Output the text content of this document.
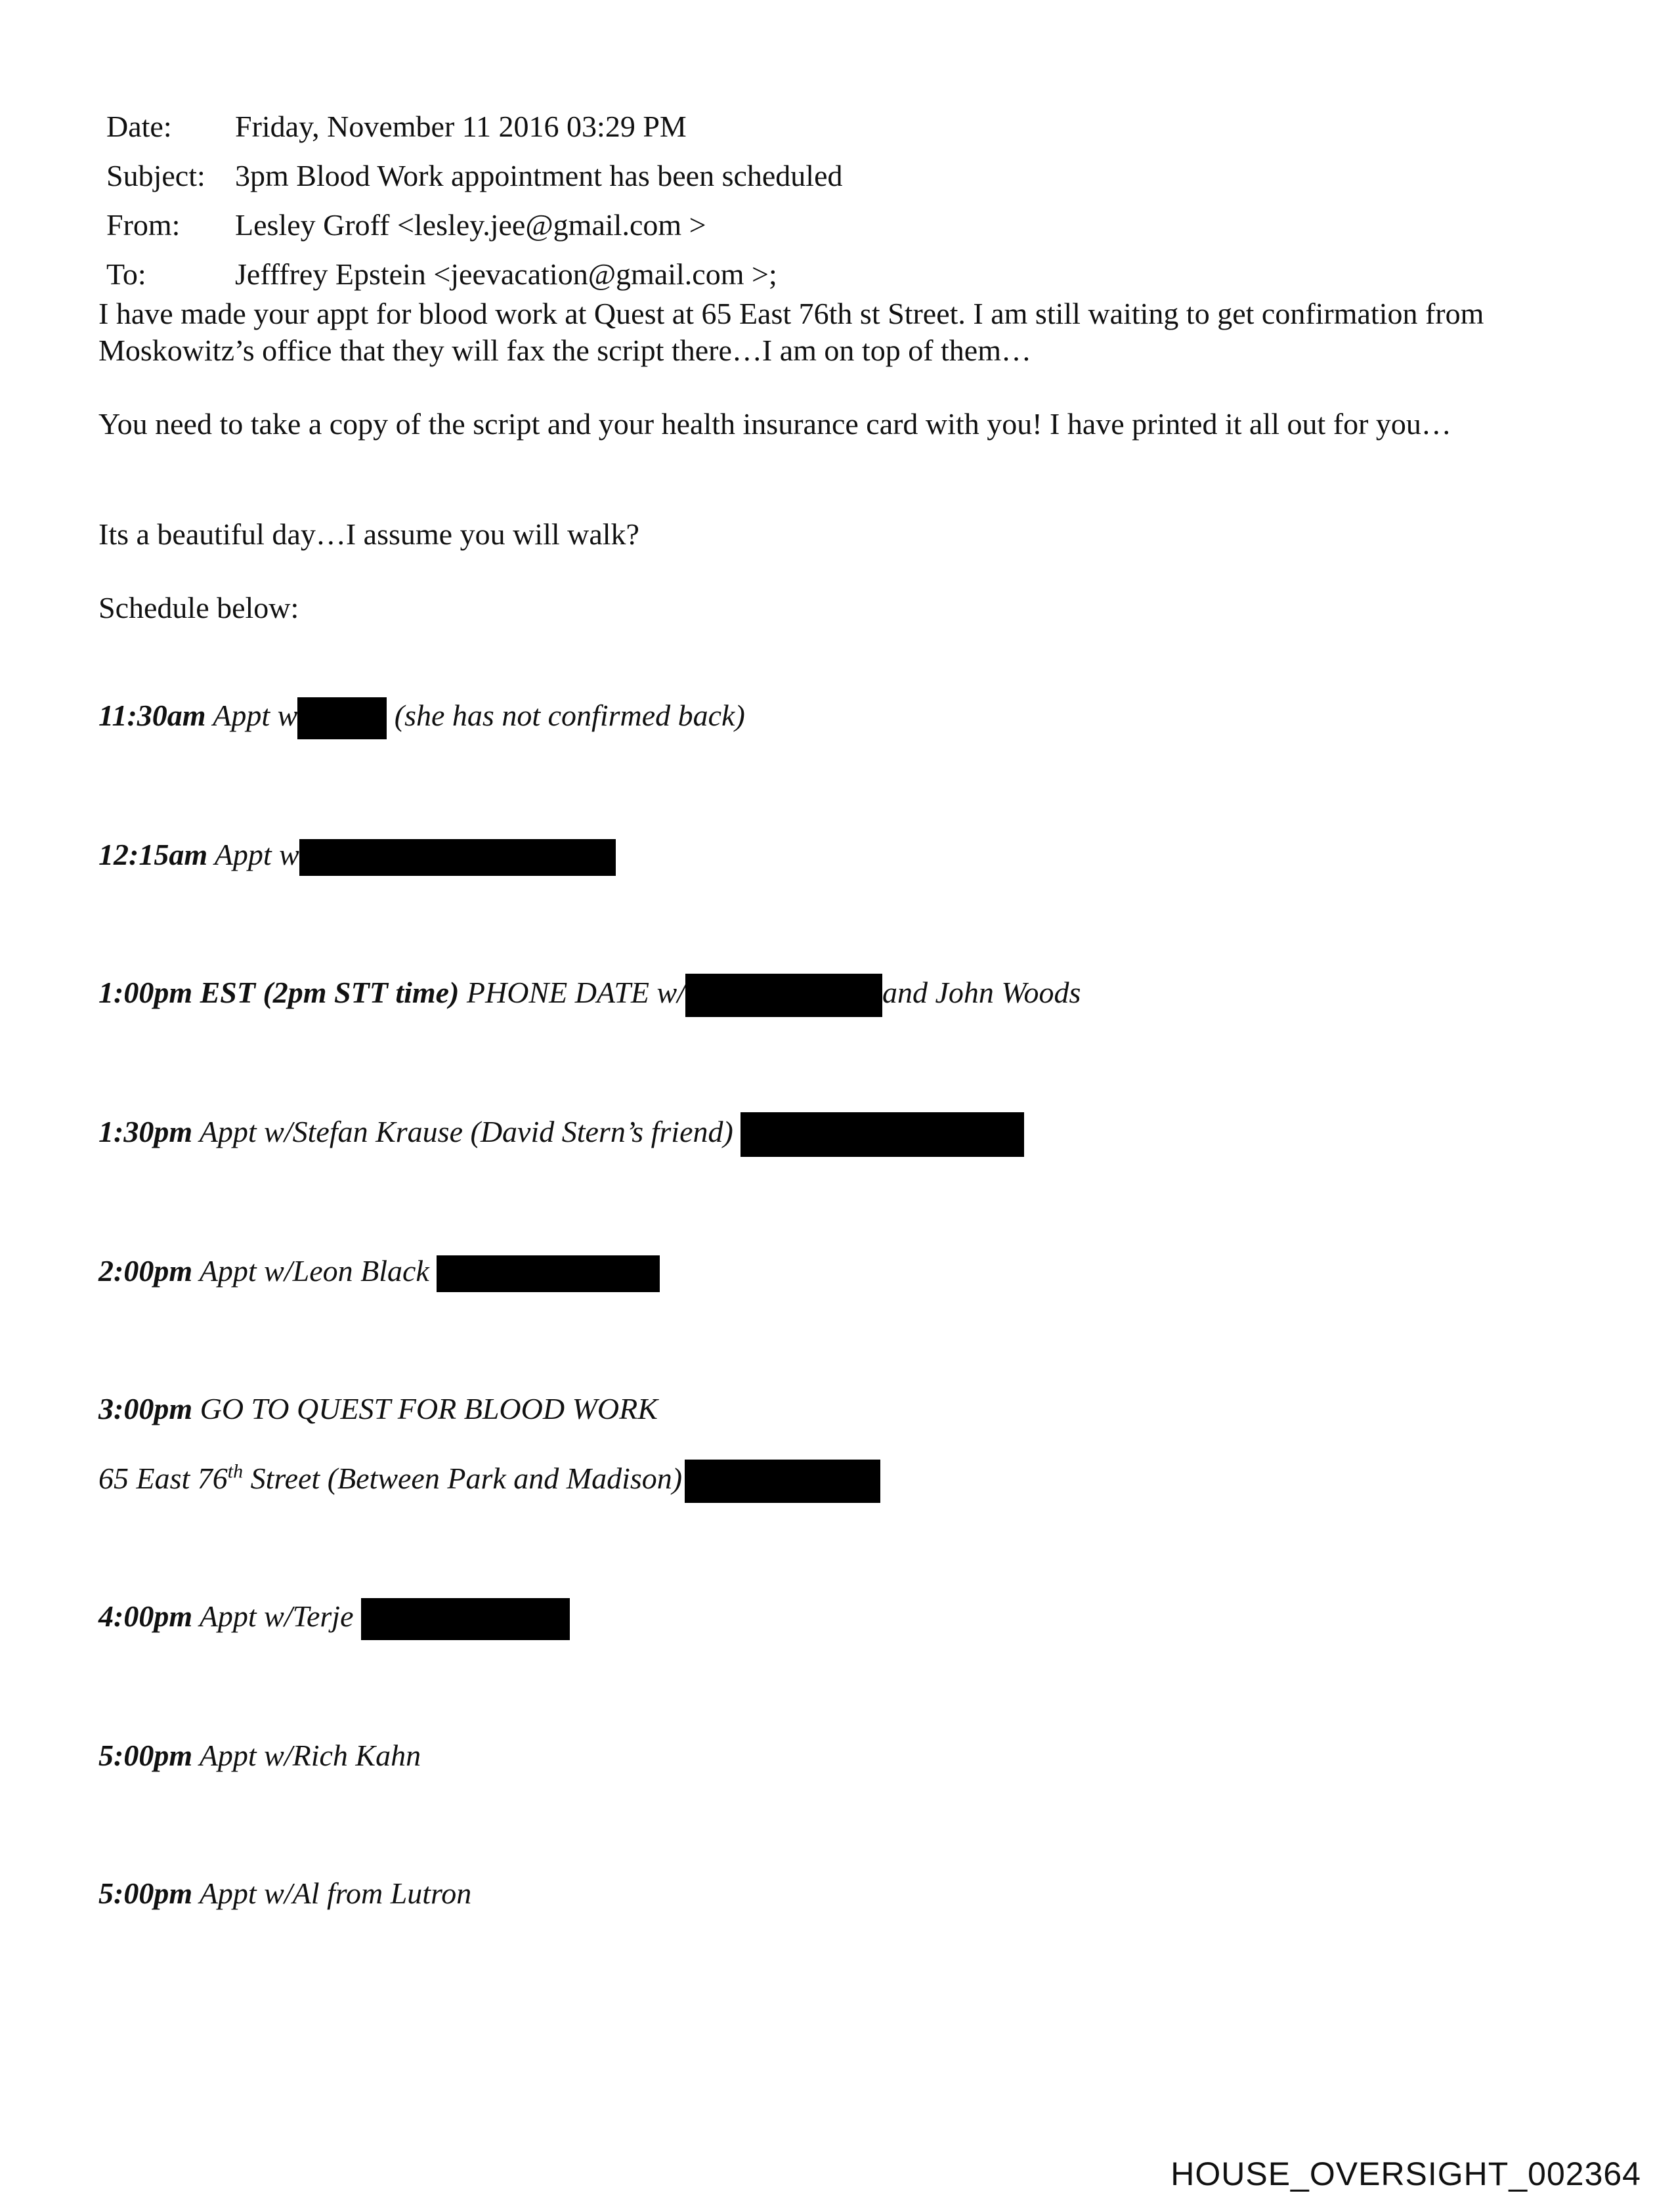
Date:	Friday, November 11 2016 03:29 PM
Subject: 3pm Blood Work appointment has been scheduled
From:	Lesley Groff <lesley.jee@gmail.com >
To:	Jefffrey Epstein <jeevacation@gmail.com >;
I have made your appt for blood work at Quest at 65 East 76th st Street. I am still waiting to get confirmation from Moskowitz’s office that they will fax the script there…I am on top of them…
You need to take a copy of the script and your health insurance card with you! I have printed it all out for you…
Its a beautiful day…I assume you will walk?
Schedule below:
11:30am Appt w	(she has not confirmed back)
12:15am Appt w
1:00pm EST (2pm STT time) PHONE DATE w/	and John Woods
1:30pm Appt w/Stefan Krause (David Stern’s friend)
2:00pm Appt w/Leon Black
3:00pm GO TO QUEST FOR BLOOD WORK
65 East 76th Street (Between Park and Madison)
4:00pm Appt w/Terje
5:00pm Appt w/Rich Kahn
5:00pm Appt w/Al from Lutron
HOUSE_OVERSIGHT_002364
